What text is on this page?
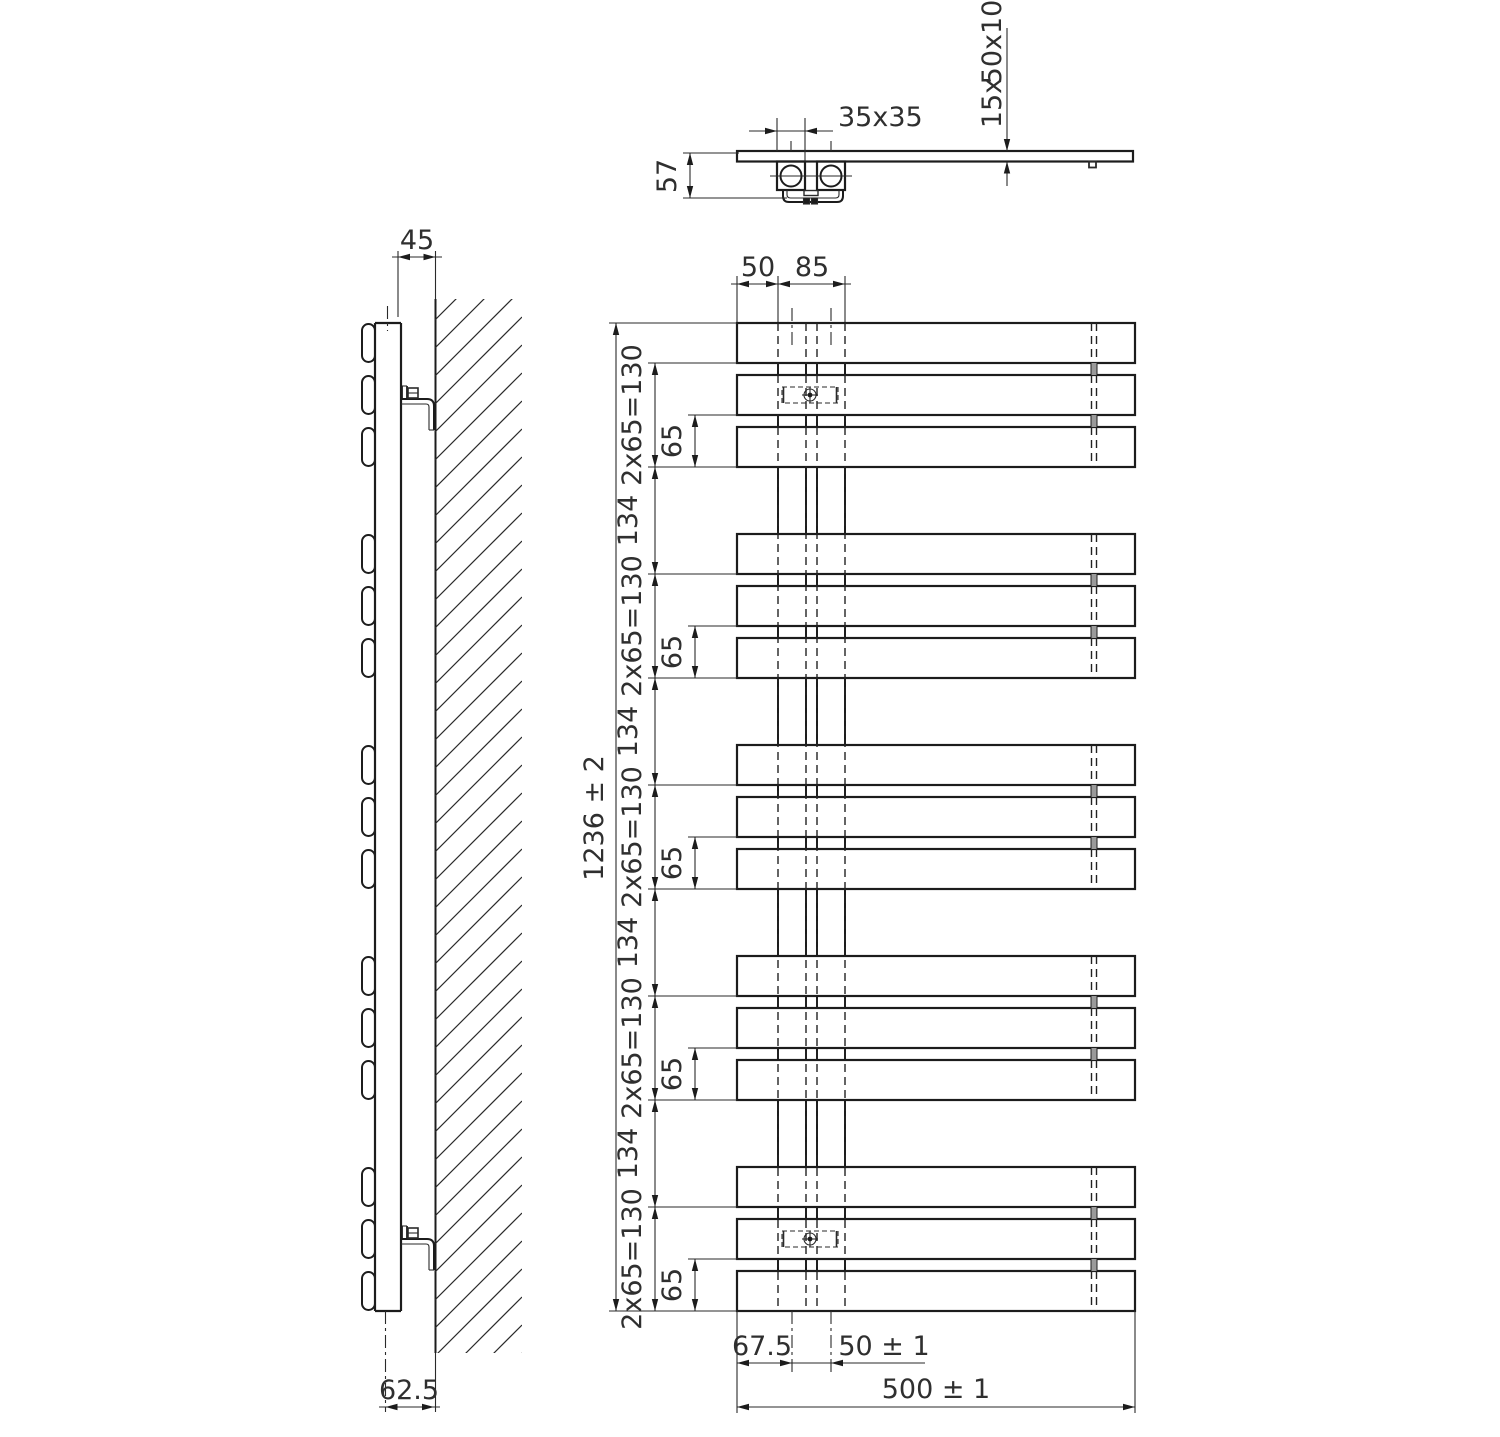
2x65=130 65
2x65=130 65
2x65=130 65
2x65=130 65
2x65=130 65
134
134
134
134
35x35
57
50x10
15x
45
62.5
50 85
1236 ± 2
67.5 50 ± 1
500 ± 1
